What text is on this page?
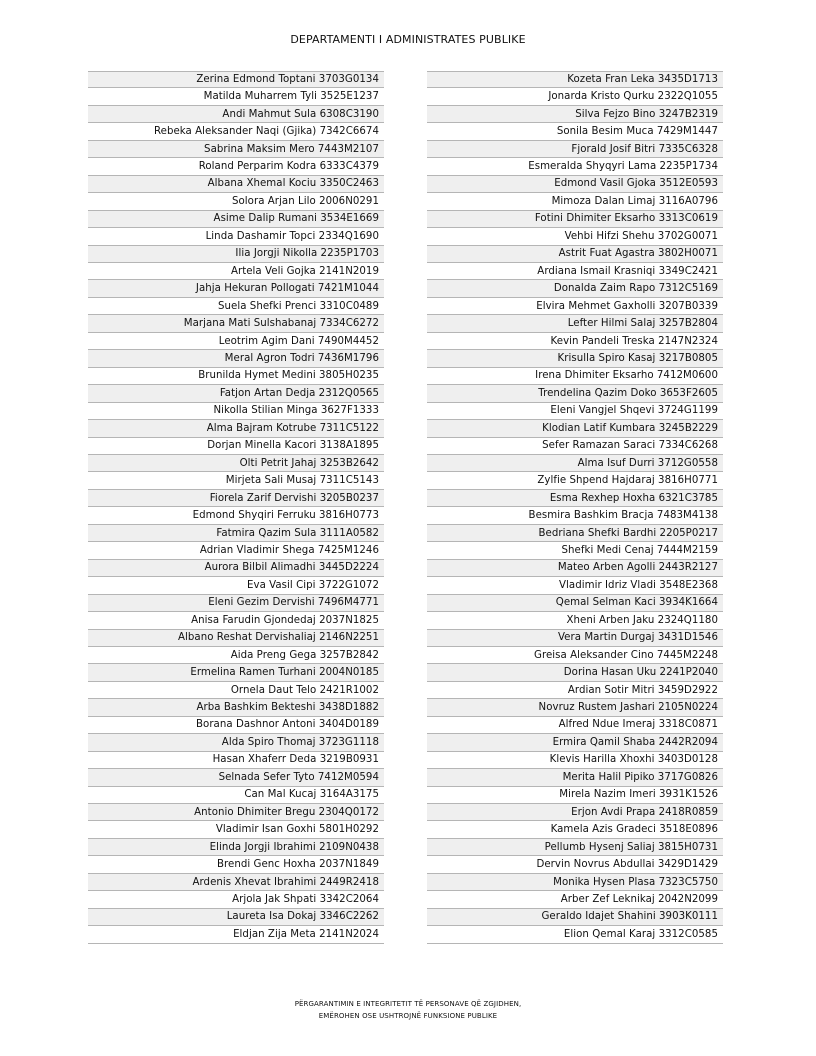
DEPARTAMENTI I ADMINISTRATES PUBLIKE
Zerina Edmond Toptani 3703G0134
Matilda Muharrem Tyli 3525E1237
Andi Mahmut Sula 6308C3190
Rebeka Aleksander Naqi (Gjika) 7342C6674
Sabrina Maksim Mero 7443M2107
Roland Perparim Kodra 6333C4379
Albana Xhemal Kociu 3350C2463
Solora Arjan Lilo 2006N0291
Asime Dalip Rumani 3534E1669
Linda Dashamir Topci 2334Q1690
Ilia Jorgji Nikolla 2235P1703
Artela Veli Gojka 2141N2019
Jahja Hekuran Pollogati 7421M1044
Suela Shefki Prenci 3310C0489
Marjana Mati Sulshabanaj 7334C6272
Leotrim Agim Dani 7490M4452
Meral Agron Todri 7436M1796
Brunilda Hymet Medini 3805H0235
Fatjon Artan Dedja 2312Q0565
Nikolla Stilian Minga 3627F1333
Alma Bajram Kotrube 7311C5122
Dorjan Minella Kacori 3138A1895
Olti Petrit Jahaj 3253B2642
Mirjeta Sali Musaj 7311C5143
Fiorela Zarif Dervishi 3205B0237
Edmond Shyqiri Ferruku 3816H0773
Fatmira Qazim Sula 3111A0582
Adrian Vladimir Shega 7425M1246
Aurora Bilbil Alimadhi 3445D2224
Eva Vasil Cipi 3722G1072
Eleni Gezim Dervishi 7496M4771
Anisa Farudin Gjondedaj 2037N1825
Albano Reshat Dervishaliaj 2146N2251
Aida Preng Gega 3257B2842
Ermelina Ramen Turhani 2004N0185
Ornela Daut Telo 2421R1002
Arba Bashkim Bekteshi 3438D1882
Borana Dashnor Antoni 3404D0189
Alda Spiro Thomaj 3723G1118
Hasan Xhaferr Deda 3219B0931
Selnada Sefer Tyto 7412M0594
Can Mal Kucaj 3164A3175
Antonio Dhimiter Bregu 2304Q0172
Vladimir Isan Goxhi 5801H0292
Elinda Jorgji Ibrahimi 2109N0438
Brendi Genc Hoxha 2037N1849
Ardenis Xhevat Ibrahimi 2449R2418
Arjola Jak Shpati 3342C2064
Laureta Isa Dokaj 3346C2262
Eldjan Zija Meta 2141N2024
Kozeta Fran Leka 3435D1713
Jonarda Kristo Qurku 2322Q1055
Silva Fejzo Bino 3247B2319
Sonila Besim Muca 7429M1447
Fjorald Josif Bitri 7335C6328
Esmeralda Shyqyri Lama 2235P1734
Edmond Vasil Gjoka 3512E0593
Mimoza Dalan Limaj 3116A0796
Fotini Dhimiter Eksarho 3313C0619
Vehbi Hifzi Shehu 3702G0071
Astrit Fuat Agastra 3802H0071
Ardiana Ismail Krasniqi 3349C2421
Donalda Zaim Rapo 7312C5169
Elvira Mehmet Gaxholli 3207B0339
Lefter Hilmi Salaj 3257B2804
Kevin Pandeli Treska 2147N2324
Krisulla Spiro Kasaj 3217B0805
Irena Dhimiter Eksarho 7412M0600
Trendelina Qazim Doko 3653F2605
Eleni Vangjel Shqevi 3724G1199
Klodian Latif Kumbara 3245B2229
Sefer Ramazan Saraci 7334C6268
Alma Isuf Durri 3712G0558
Zylfie Shpend Hajdaraj 3816H0771
Esma Rexhep Hoxha 6321C3785
Besmira Bashkim Bracja 7483M4138
Bedriana Shefki Bardhi 2205P0217
Shefki Medi Cenaj 7444M2159
Mateo Arben Agolli 2443R2127
Vladimir Idriz Vladi 3548E2368
Qemal Selman Kaci 3934K1664
Xheni Arben Jaku 2324Q1180
Vera Martin Durgaj 3431D1546
Greisa Aleksander Cino 7445M2248
Dorina Hasan Uku 2241P2040
Ardian Sotir Mitri 3459D2922
Novruz Rustem Jashari 2105N0224
Alfred Ndue Imeraj 3318C0871
Ermira Qamil Shaba 2442R2094
Klevis Harilla Xhoxhi 3403D0128
Merita Halil Pipiko 3717G0826
Mirela Nazim Imeri 3931K1526
Erjon Avdi Prapa 2418R0859
Kamela Azis Gradeci 3518E0896
Pellumb Hysenj Saliaj 3815H0731
Dervin Novrus Abdullai 3429D1429
Monika Hysen Plasa 7323C5750
Arber Zef Leknikaj 2042N2099
Geraldo Idajet Shahini 3903K0111
Elion Qemal Karaj 3312C0585
PËRGARANTIMIN E INTEGRITETIT TË PERSONAVE QË ZGJIDHEN,
EMËROHEN OSE USHTROJNË FUNKSIONE PUBLIKE
